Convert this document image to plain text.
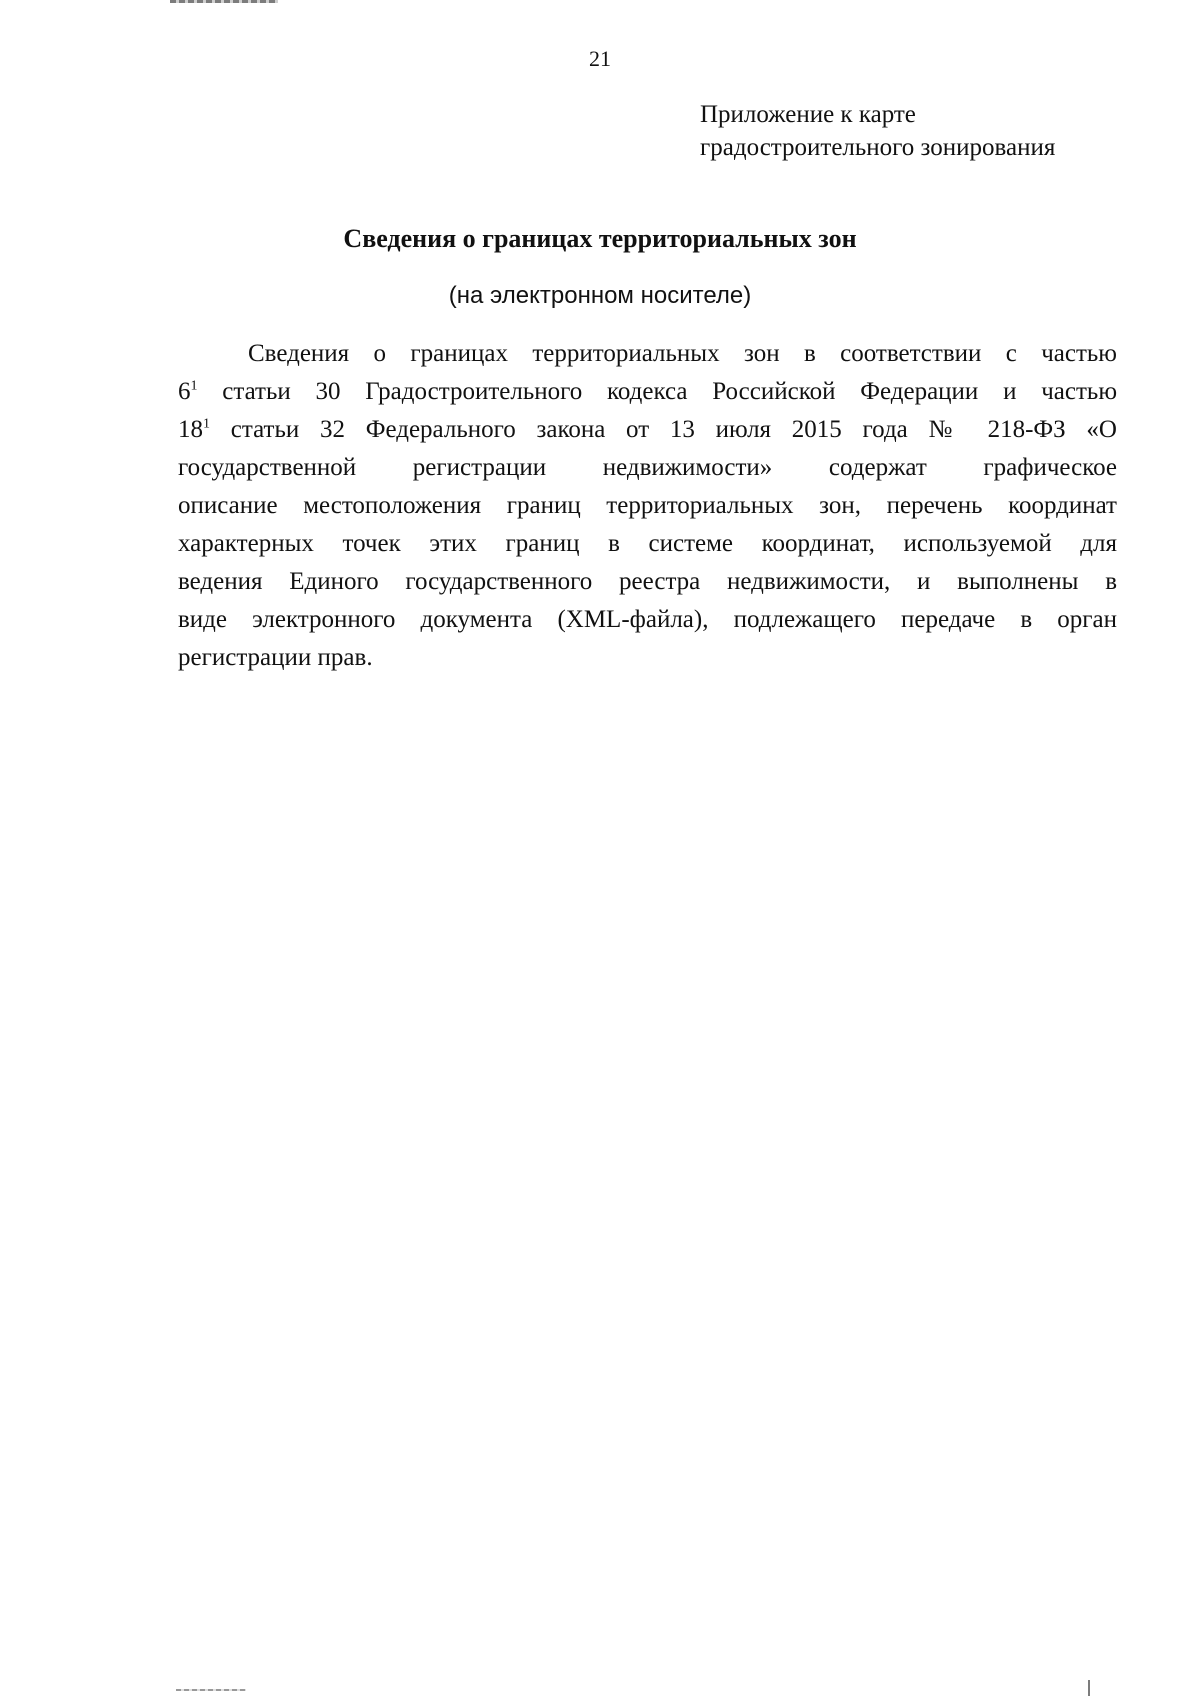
21
Приложение к карте
градостроительного зонирования
Сведения о границах территориальных зон
(на электронном носителе)
Сведения о границах территориальных зон в соответствии с частью
$6^1$ статьи 30 Градостроительного кодекса Российской Федерации и частью
$18^1$ статьи 32 Федерального закона от 13 июля 2015 года № 218-ФЗ «О
государственной регистрации недвижимости» содержат графическое
описание местоположения границ территориальных зон, перечень координат
характерных точек этих границ в системе координат, используемой для
ведения Единого государственного реестра недвижимости, и выполнены в
виде электронного документа (XML-файла), подлежащего передаче в орган
регистрации прав.
